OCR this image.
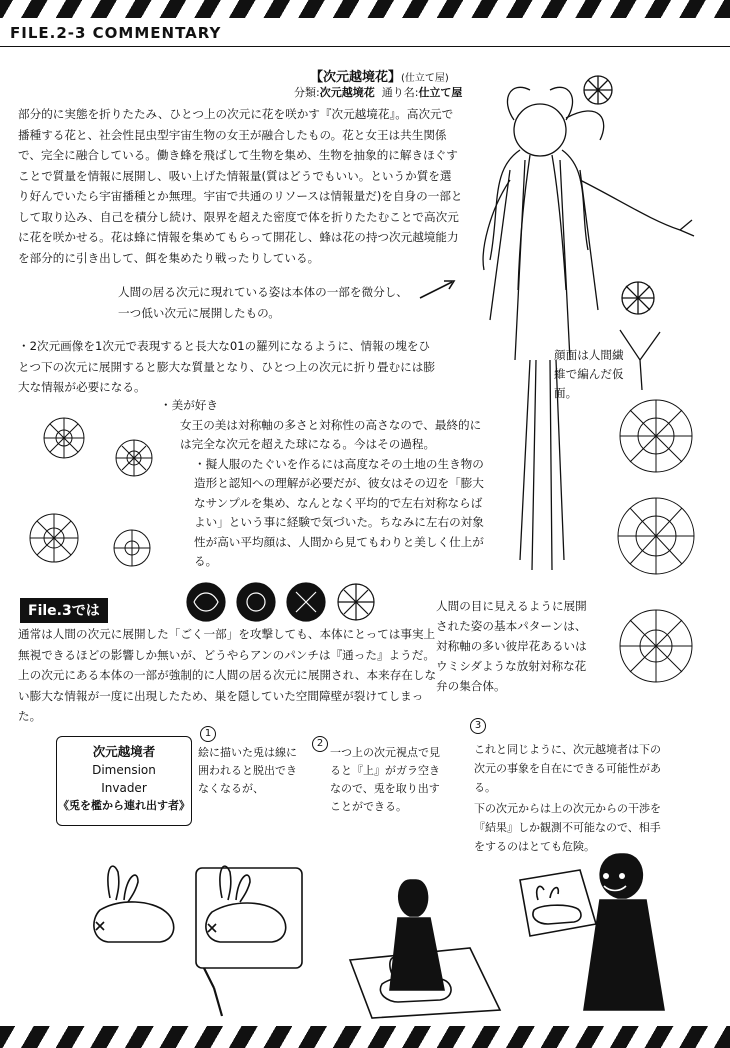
FILE.2-3 COMMENTARY
【次元越境花】(仕立て屋)
分類:次元越境花 通り名:仕立て屋
部分的に実態を折りたたみ、ひとつ上の次元に花を咲かす『次元越境花』。高次元で播種する花と、社会性昆虫型宇宙生物の女王が融合したもの。花と女王は共生関係で、完全に融合している。働き蜂を飛ばして生物を集め、生物を抽象的に解きほぐすことで質量を情報に展開し、吸い上げた情報量(質はどうでもいい。というか質を選り好んでいたら宇宙播種とか無理。宇宙で共通のリソースは情報量だ)を自身の一部として取り込み、自己を積分し続け、限界を超えた密度で体を折りたたむことで高次元に花を咲かせる。花は蜂に情報を集めてもらって開花し、蜂は花の持つ次元越境能力を部分的に引き出して、餌を集めたり戦ったりしている。
人間の居る次元に現れている姿は本体の一部を微分し、一つ低い次元に展開したもの。
・2次元画像を1次元で表現すると長大な01の羅列になるように、情報の塊をひとつ下の次元に展開すると膨大な質量となり、ひとつ上の次元に折り畳むには膨大な情報が必要になる。
・美が好き
女王の美は対称軸の多さと対称性の高さなので、最終的には完全な次元を超えた球になる。今はその過程。
・擬人服のたぐいを作るには高度なその土地の生き物の造形と認知への理解が必要だが、彼女はその辺を「膨大なサンプルを集め、なんとなく平均的で左右対称ならばよい」という事に経験で気づいた。ちなみに左右の対象性が高い平均顔は、人間から見てもわりと美しく仕上がる。
顔面は人間繊維で編んだ仮面。
File.3では
通常は人間の次元に展開した「ごく一部」を攻撃しても、本体にとっては事実上無視できるほどの影響しか無いが、どうやらアンのパンチは『通った』ようだ。上の次元にある本体の一部が強制的に人間の居る次元に展開され、本来存在しない膨大な情報が一度に出現したため、巣を隠していた空間障壁が裂けてしまった。
人間の目に見えるように展開された姿の基本パターンは、対称軸の多い彼岸花あるいはウミシダような放射対称な花弁の集合体。
次元越境者
Dimension
Invader
《兎を檻から連れ出す者》
1
絵に描いた兎は線に囲われると脱出できなくなるが、
2
一つ上の次元視点で見ると『上』がガラ空きなので、兎を取り出すことができる。
3
これと同じように、次元越境者は下の次元の事象を自在にできる可能性がある。
下の次元からは上の次元からの干渉を『結果』しか観測不可能なので、相手をするのはとても危険。
